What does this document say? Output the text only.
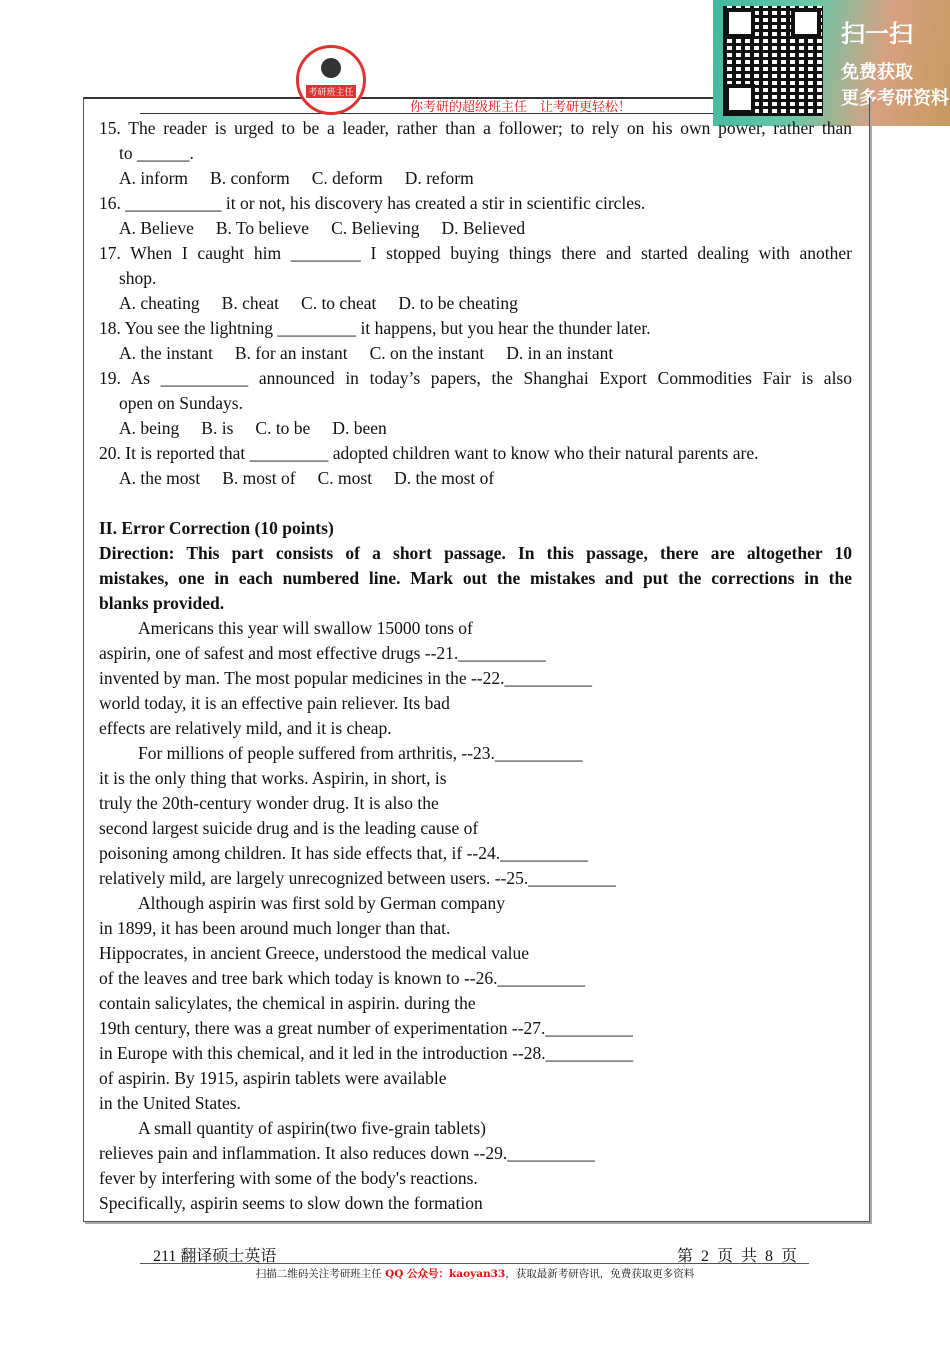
考研班主任
你考研的超级班主任　让考研更轻松！
扫一扫
免费获取
更多考研资料
15. The reader is urged to be a leader, rather than a follower; to rely on his own power, rather than
to ______.
A. inform B. conform C. deform D. reform
16. ___________ it or not, his discovery has created a stir in scientific circles.
A. Believe B. To believe C. Believing D. Believed
17. When I caught him ________ I stopped buying things there and started dealing with another
shop.
A. cheating B. cheat C. to cheat D. to be cheating
18. You see the lightning _________ it happens, but you hear the thunder later.
A. the instant B. for an instant C. on the instant D. in an instant
19. As __________ announced in today’s papers, the Shanghai Export Commodities Fair is also
open on Sundays.
A. being B. is C. to be D. been
20. It is reported that _________ adopted children want to know who their natural parents are.
A. the most B. most of C. most D. the most of
II. Error Correction (10 points)
Direction: This part consists of a short passage. In this passage, there are altogether 10
mistakes, one in each numbered line. Mark out the mistakes and put the corrections in the
blanks provided.
Americans this year will swallow 15000 tons of
aspirin, one of safest and most effective drugs --21.__________
invented by man. The most popular medicines in the --22.__________
world today, it is an effective pain reliever. Its bad
effects are relatively mild, and it is cheap.
For millions of people suffered from arthritis, --23.__________
it is the only thing that works. Aspirin, in short, is
truly the 20th-century wonder drug. It is also the
second largest suicide drug and is the leading cause of
poisoning among children. It has side effects that, if --24.__________
relatively mild, are largely unrecognized between users. --25.__________
Although aspirin was first sold by German company
in 1899, it has been around much longer than that.
Hippocrates, in ancient Greece, understood the medical value
of the leaves and tree bark which today is known to --26.__________
contain salicylates, the chemical in aspirin. during the
19th century, there was a great number of experimentation --27.__________
in Europe with this chemical, and it led in the introduction --28.__________
of aspirin. By 1915, aspirin tablets were available
in the United States.
A small quantity of aspirin(two five-grain tablets)
relieves pain and inflammation. It also reduces down --29.__________
fever by interfering with some of the body's reactions.
Specifically, aspirin seems to slow down the formation
211 翻译硕士英语	第 2 页 共 8 页
扫描二维码关注考研班主任 QQ 公众号：kaoyan33，获取最新考研咨讯，免费获取更多资料
